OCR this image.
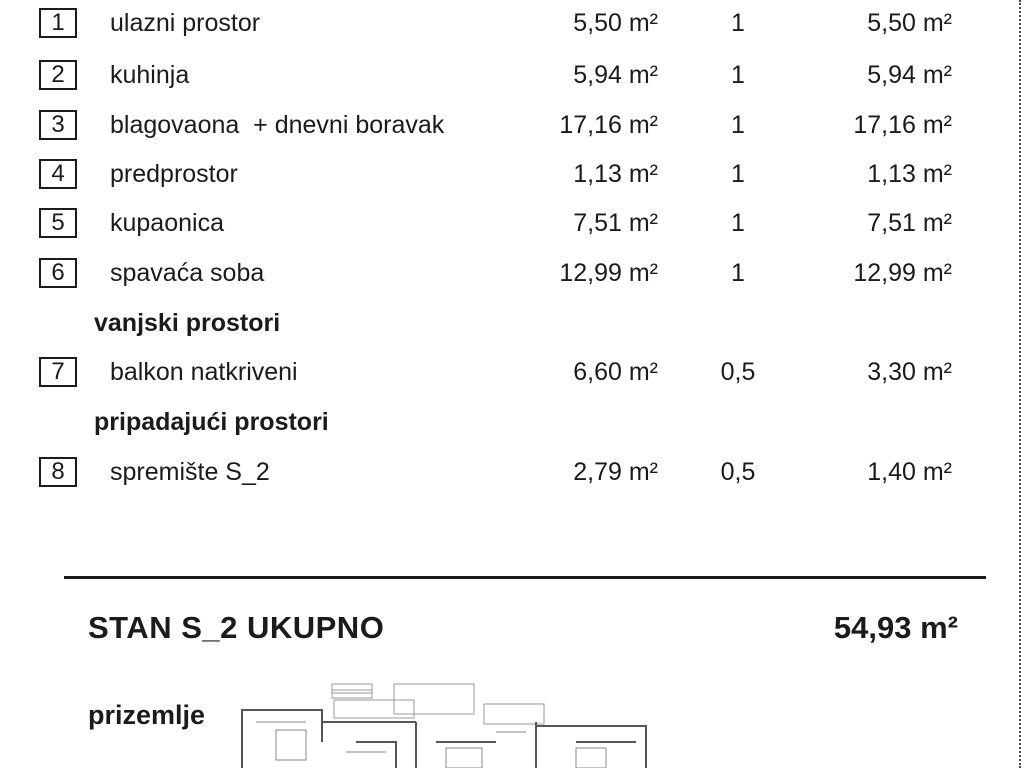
1	ulazni prostor	5,50 m²	1	5,50 m²
2	kuhinja	5,94 m²	1	5,94 m²
3	blagovaona  + dnevni boravak	17,16 m²	1	17,16 m²
4	predprostor	1,13 m²	1	1,13 m²
5	kupaonica	7,51 m²	1	7,51 m²
6	spavaća soba	12,99 m²	1	12,99 m²
vanjski prostori
7	balkon natkriveni	6,60 m²	0,5	3,30 m²
pripadajući prostori
8	spremište S_2	2,79 m²	0,5	1,40 m²
STAN S_2 UKUPNO	54,93 m²
prizemlje
